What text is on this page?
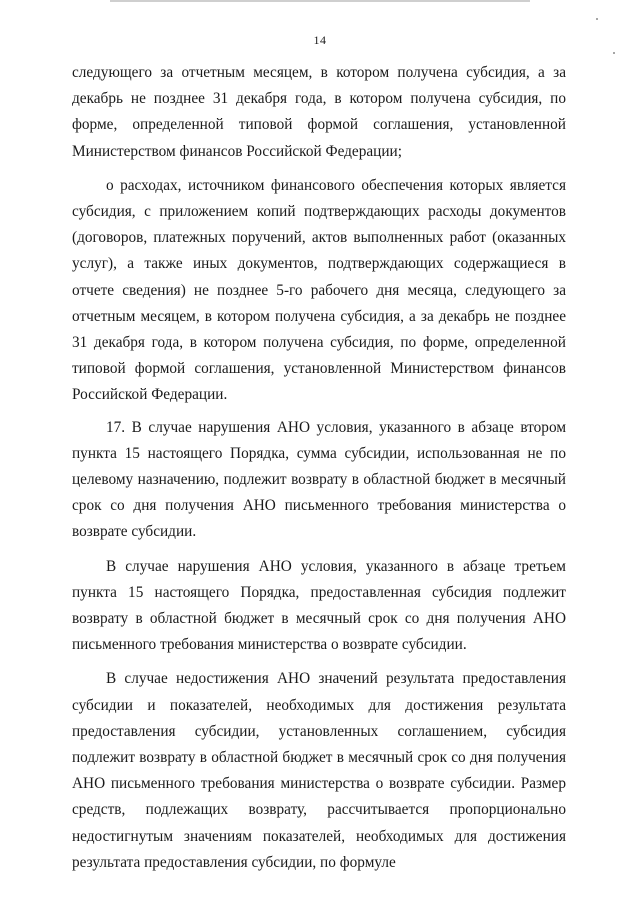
14

следующего за отчетным месяцем, в котором получена субсидия, а за декабрь не позднее 31 декабря года, в котором получена субсидия, по форме, определенной типовой формой соглашения, установленной Министерством финансов Российской Федерации;

о расходах, источником финансового обеспечения которых является субсидия, с приложением копий подтверждающих расходы документов (договоров, платежных поручений, актов выполненных работ (оказанных услуг), а также иных документов, подтверждающих содержащиеся в отчете сведения) не позднее 5-го рабочего дня месяца, следующего за отчетным месяцем, в котором получена субсидия, а за декабрь не позднее 31 декабря года, в котором получена субсидия, по форме, определенной типовой формой соглашения, установленной Министерством финансов Российской Федерации.

17. В случае нарушения АНО условия, указанного в абзаце втором пункта 15 настоящего Порядка, сумма субсидии, использованная не по целевому назначению, подлежит возврату в областной бюджет в месячный срок со дня получения АНО письменного требования министерства о возврате субсидии.

В случае нарушения АНО условия, указанного в абзаце третьем пункта 15 настоящего Порядка, предоставленная субсидия подлежит возврату в областной бюджет в месячный срок со дня получения АНО письменного требования министерства о возврате субсидии.

В случае недостижения АНО значений результата предоставления субсидии и показателей, необходимых для достижения результата предоставления субсидии, установленных соглашением, субсидия подлежит возврату в областной бюджет в месячный срок со дня получения АНО письменного требования министерства о возврате субсидии. Размер средств, подлежащих возврату, рассчитывается пропорционально недостигнутым значениям показателей, необходимых для достижения результата предоставления субсидии, по формуле
